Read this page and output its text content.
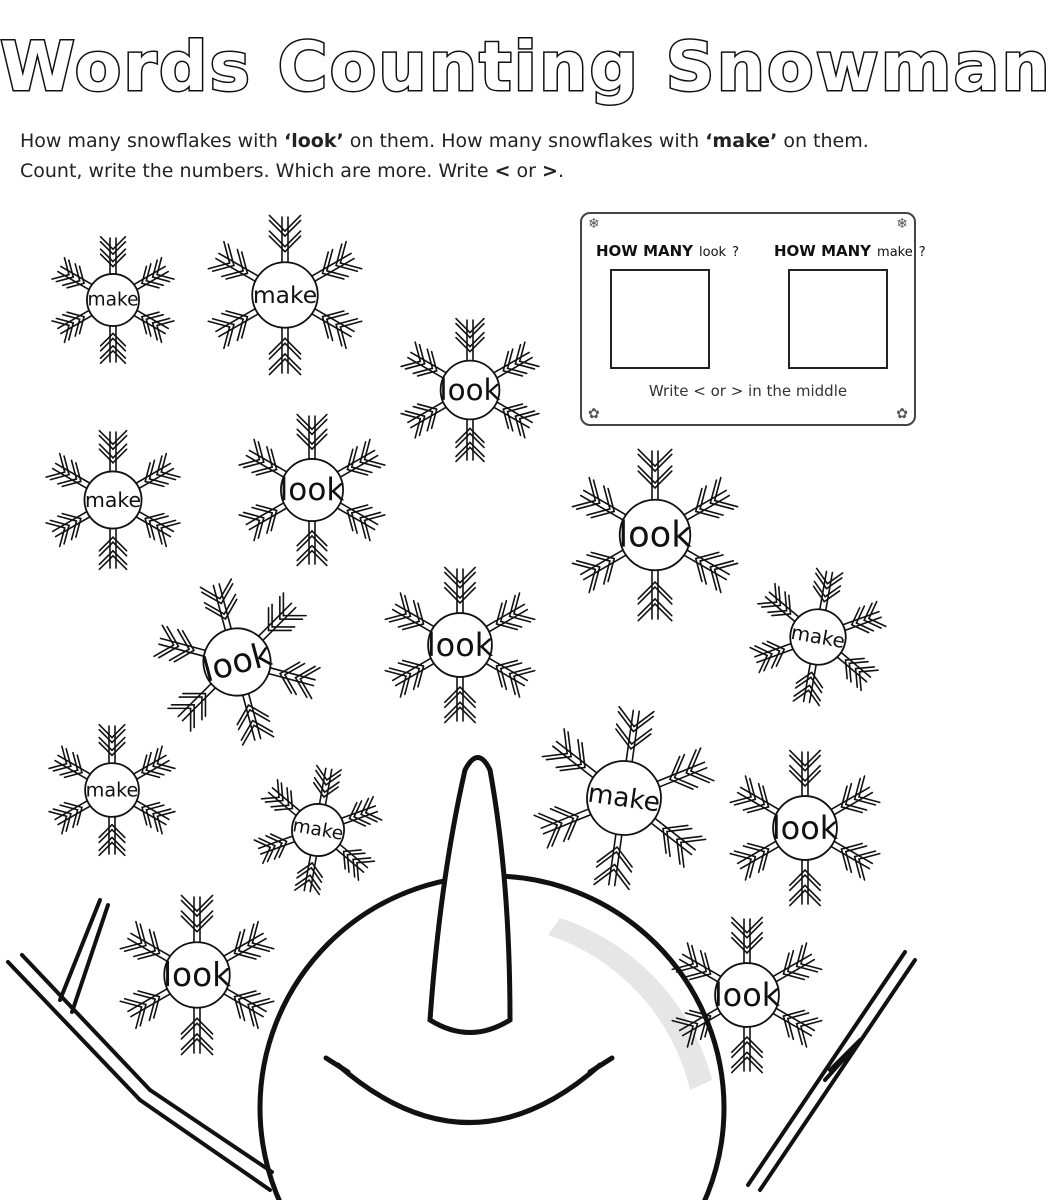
Words Counting Snowman
How many snowflakes with ‘look’ on them. How many snowflakes with ‘make’ on them.
Count, write the numbers. Which are more. Write < or >.
❄	❄
✿	✿
HOW MANY look ? HOW MANY make ?
Write < or > in the middle
make	make
look
make	look
look
look	look	make
make
make
make
look
look
look
